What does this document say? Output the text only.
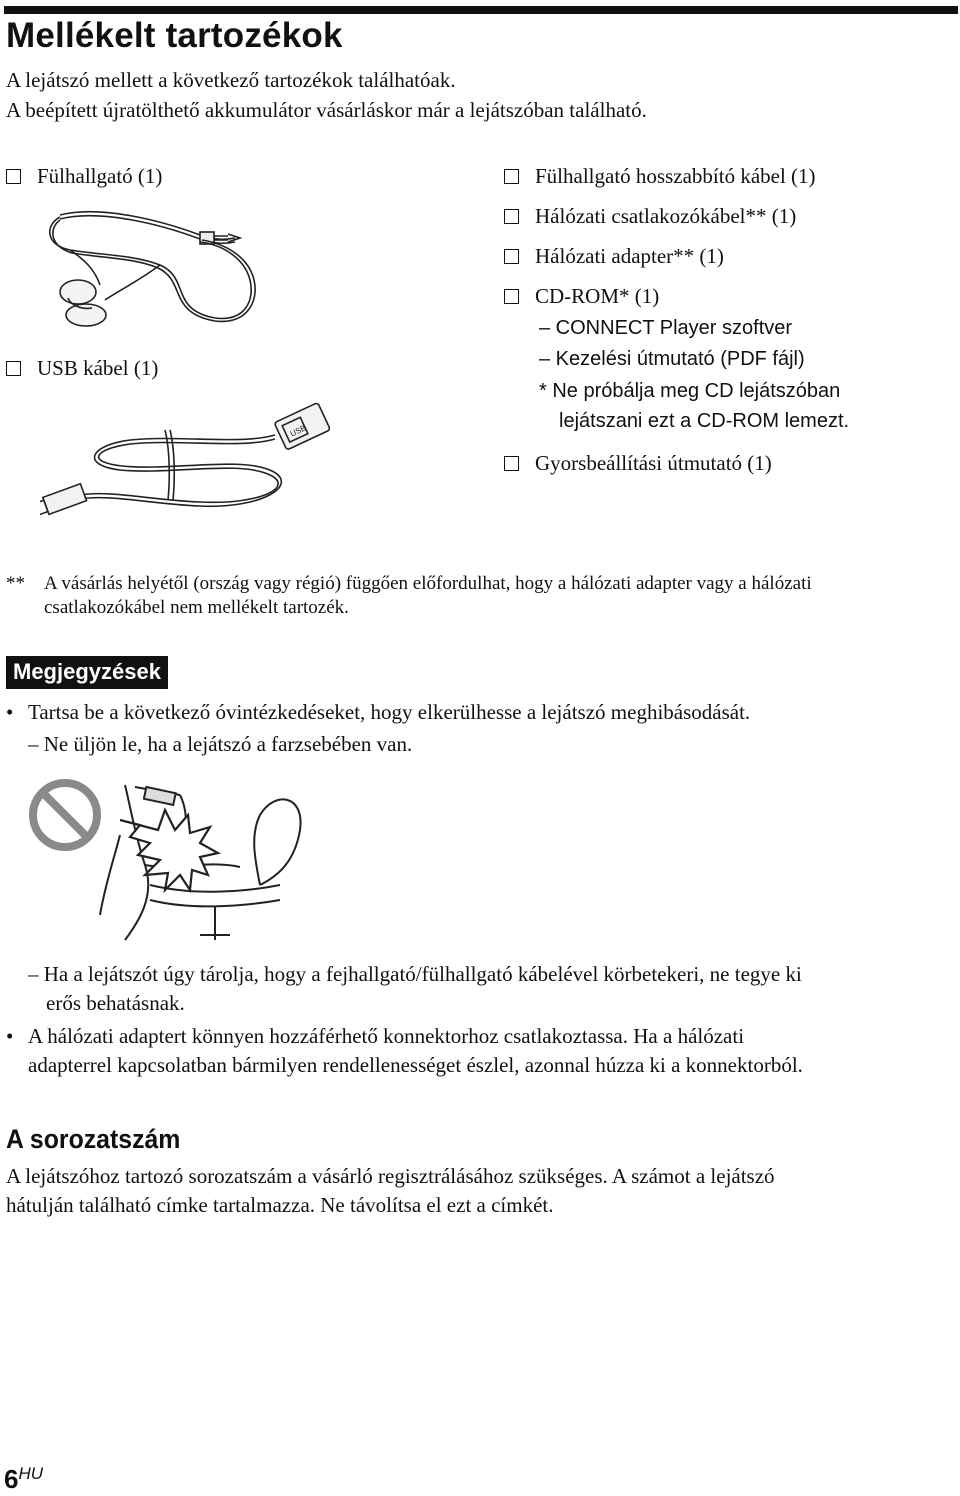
Mellékelt tartozékok
A lejátszó mellett a következő tartozékok találhatóak.
A beépített újratölthető akkumulátor vásárláskor már a lejátszóban található.
Fülhallgató (1)
USB kábel (1)
USB
Fülhallgató hosszabbító kábel (1)
Hálózati csatlakozókábel** (1)
Hálózati adapter** (1)
CD-ROM* (1)
– CONNECT Player szoftver
– Kezelési útmutató (PDF fájl)
* Ne próbálja meg CD lejátszóban
lejátszani ezt a CD-ROM lemezt.
Gyorsbeállítási útmutató (1)
** A vásárlás helyétől (ország vagy régió) függően előfordulhat, hogy a hálózati adapter vagy a hálózati
csatlakozókábel nem mellékelt tartozék.
Megjegyzések
• Tartsa be a következő óvintézkedéseket, hogy elkerülhesse a lejátszó meghibásodását.
– Ne üljön le, ha a lejátszó a farzsebében van.
– Ha a lejátszót úgy tárolja, hogy a fejhallgató/fülhallgató kábelével körbetekeri, ne tegye ki
erős behatásnak.
• A hálózati adaptert könnyen hozzáférhető konnektorhoz csatlakoztassa. Ha a hálózati
adapterrel kapcsolatban bármilyen rendellenességet észlel, azonnal húzza ki a konnektorból.
A sorozatszám
A lejátszóhoz tartozó sorozatszám a vásárló regisztrálásához szükséges. A számot a lejátszó
hátulján található címke tartalmazza. Ne távolítsa el ezt a címkét.
$6^{HU}$
